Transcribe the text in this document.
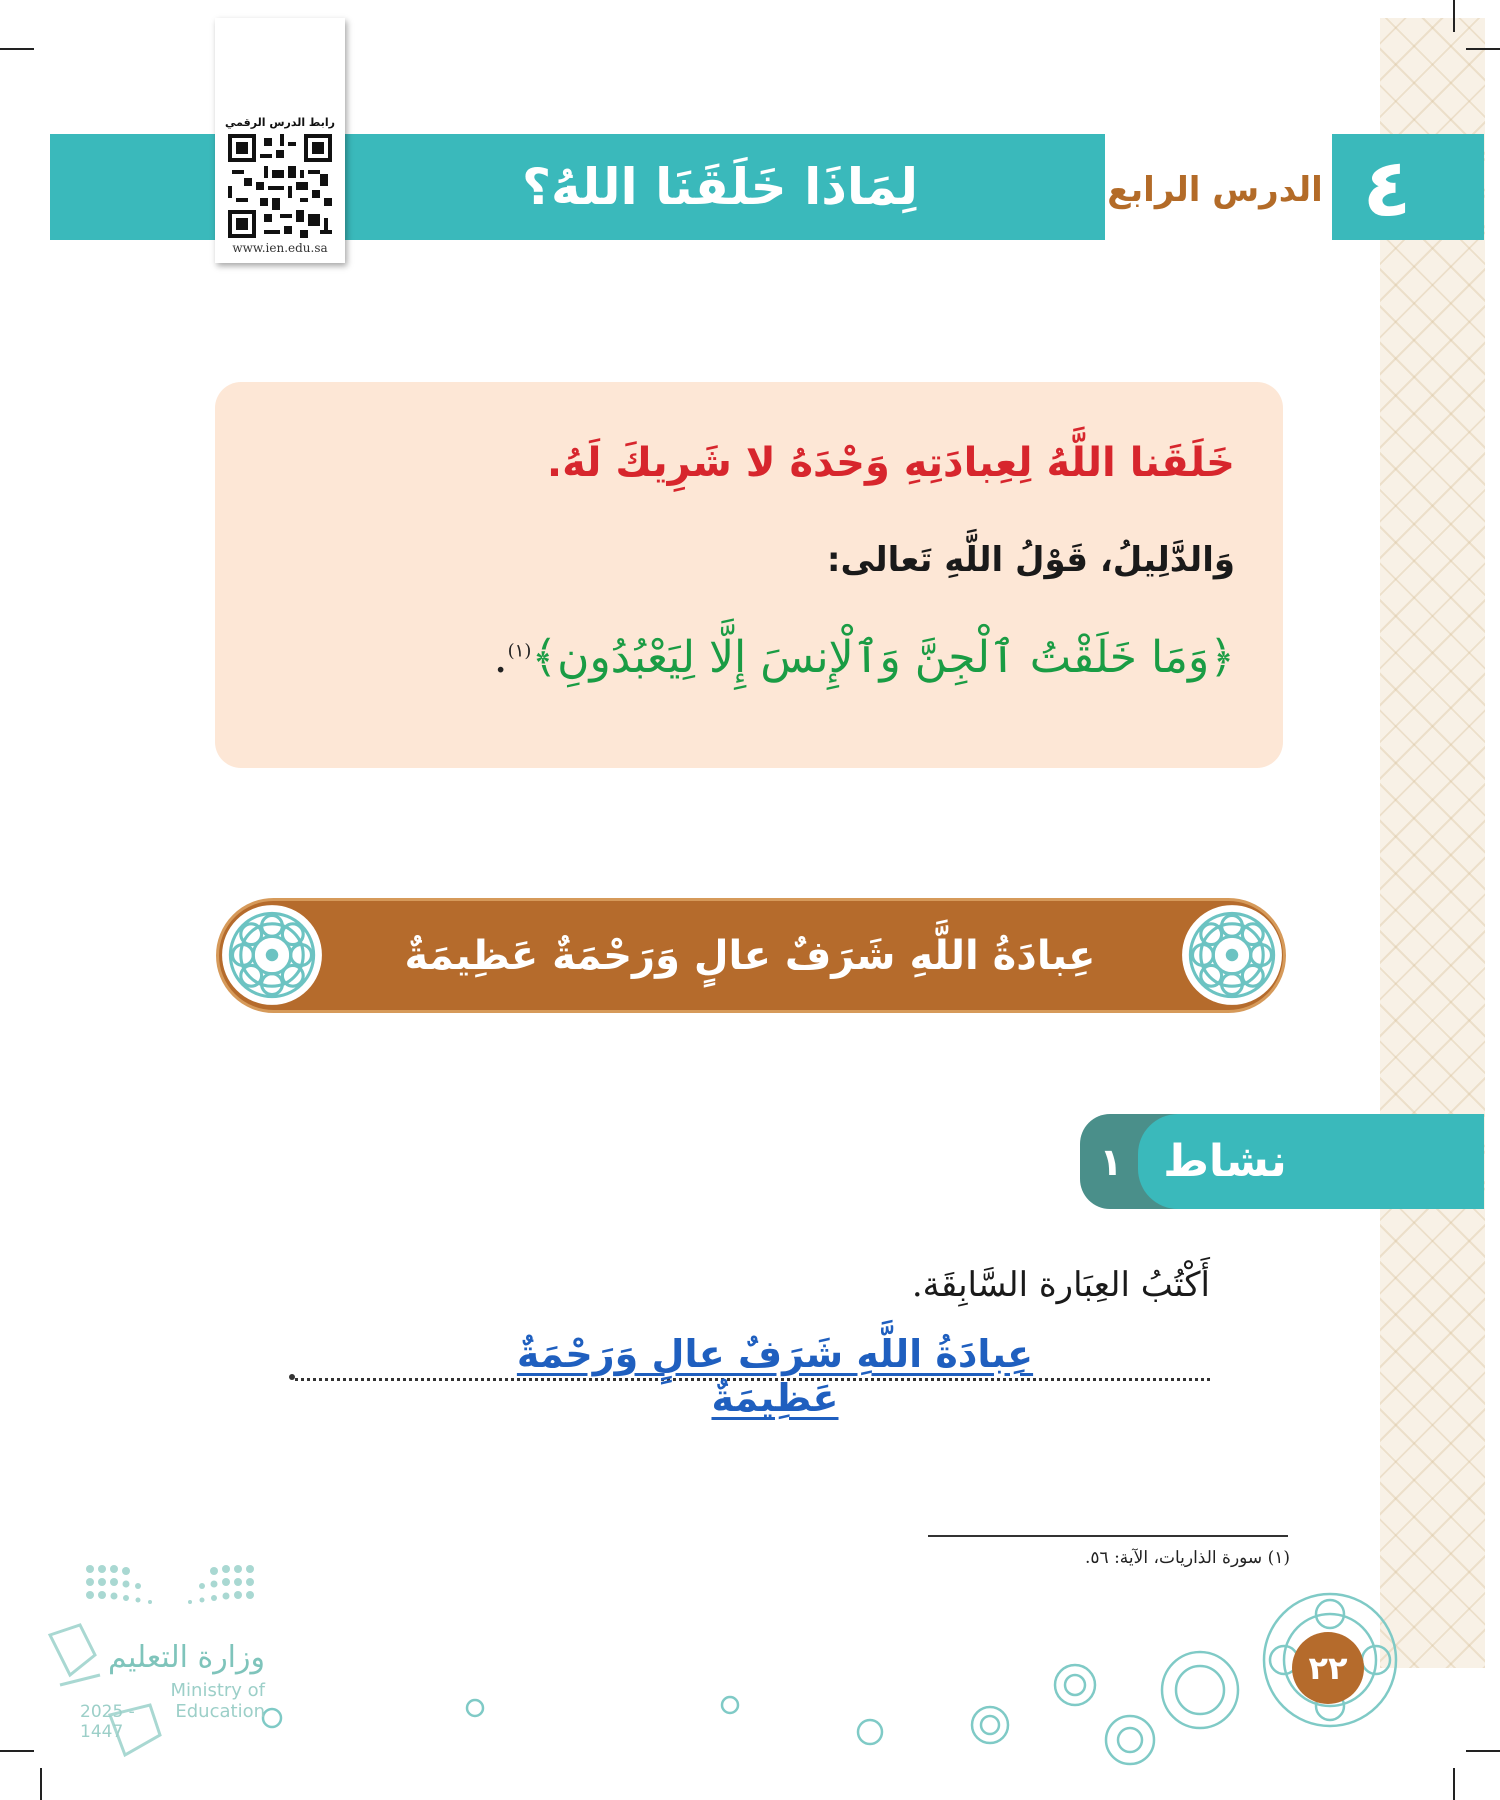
لِمَاذَا خَلَقَنَا اللهُ؟	الدرس الرابع ٤
رابط الدرس الرقمي
www.ien.edu.sa
خَلَقَنا اللَّهُ لِعِبادَتِهِ وَحْدَهُ لا شَرِيكَ لَهُ.
وَالدَّلِيلُ، قَوْلُ اللَّهِ تَعالى:
﴿وَمَا خَلَقْتُ ٱلْجِنَّ وَٱلْإِنسَ إِلَّا لِيَعْبُدُونِ﴾$^{(١)}$.
عِبادَةُ اللَّهِ شَرَفٌ عالٍ وَرَحْمَةٌ عَظِيمَةٌ
نشاط
١
أَكْتُبُ العِبَارة السَّابِقَة.
عِبادَةُ اللَّهِ شَرَفٌ عالٍ وَرَحْمَةٌ عَظِيمَةٌ
(١) سورة الذاريات، الآية: ٥٦.
٢٢
وزارة التعليم
Ministry of Education
2025 - 1447
